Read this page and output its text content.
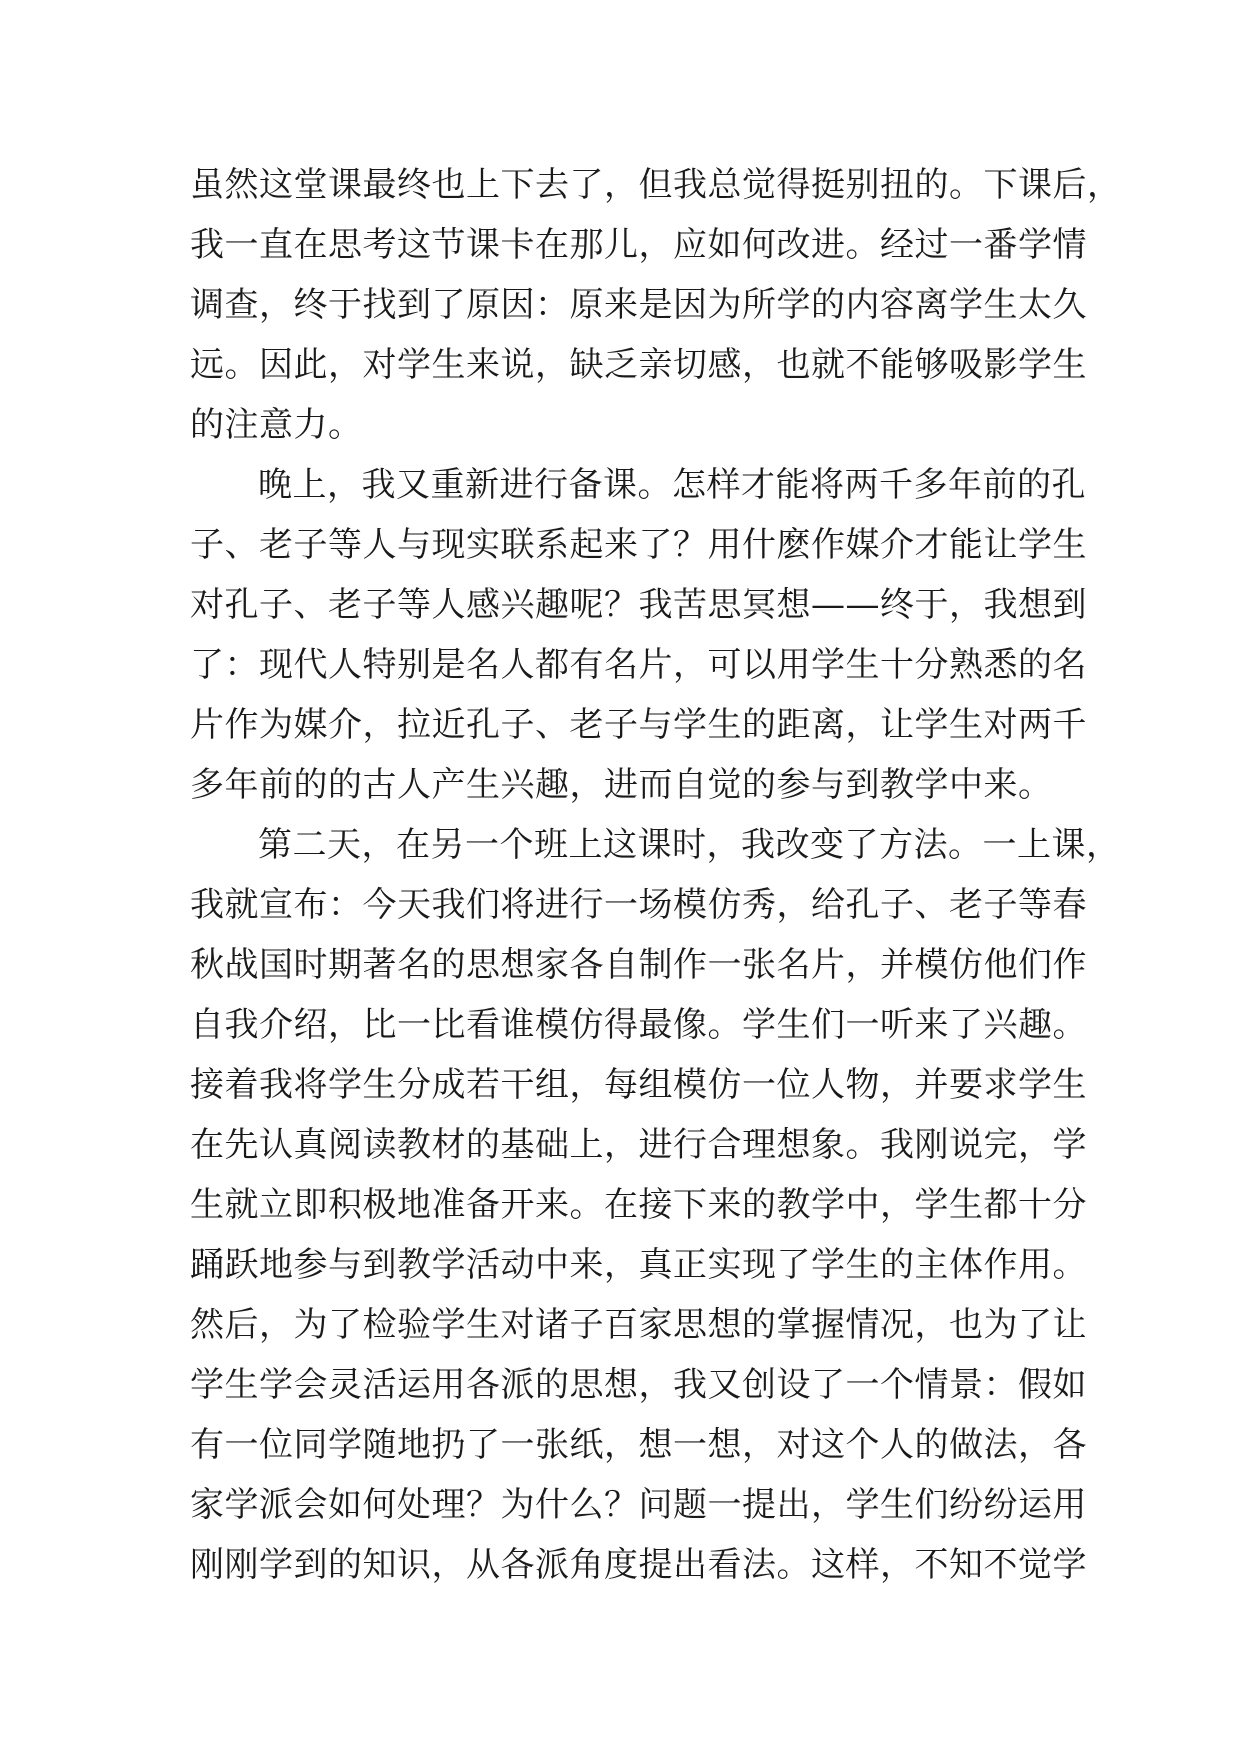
虽然这堂课最终也上下去了，但我总觉得挺别扭的。下课后，
我一直在思考这节课卡在那儿，应如何改进。经过一番学情
调查，终于找到了原因：原来是因为所学的内容离学生太久
远。因此，对学生来说，缺乏亲切感，也就不能够吸影学生
的注意力。
晚上，我又重新进行备课。怎样才能将两千多年前的孔
子、老子等人与现实联系起来了？用什麽作媒介才能让学生
对孔子、老子等人感兴趣呢？我苦思冥想——终于，我想到
了：现代人特别是名人都有名片，可以用学生十分熟悉的名
片作为媒介，拉近孔子、老子与学生的距离，让学生对两千
多年前的的古人产生兴趣，进而自觉的参与到教学中来。
第二天，在另一个班上这课时，我改变了方法。一上课，
我就宣布：今天我们将进行一场模仿秀，给孔子、老子等春
秋战国时期著名的思想家各自制作一张名片，并模仿他们作
自我介绍，比一比看谁模仿得最像。学生们一听来了兴趣。
接着我将学生分成若干组，每组模仿一位人物，并要求学生
在先认真阅读教材的基础上，进行合理想象。我刚说完，学
生就立即积极地准备开来。在接下来的教学中，学生都十分
踊跃地参与到教学活动中来，真正实现了学生的主体作用。
然后，为了检验学生对诸子百家思想的掌握情况，也为了让
学生学会灵活运用各派的思想，我又创设了一个情景：假如
有一位同学随地扔了一张纸，想一想，对这个人的做法，各
家学派会如何处理？为什么？问题一提出，学生们纷纷运用
刚刚学到的知识，从各派角度提出看法。这样，不知不觉学
